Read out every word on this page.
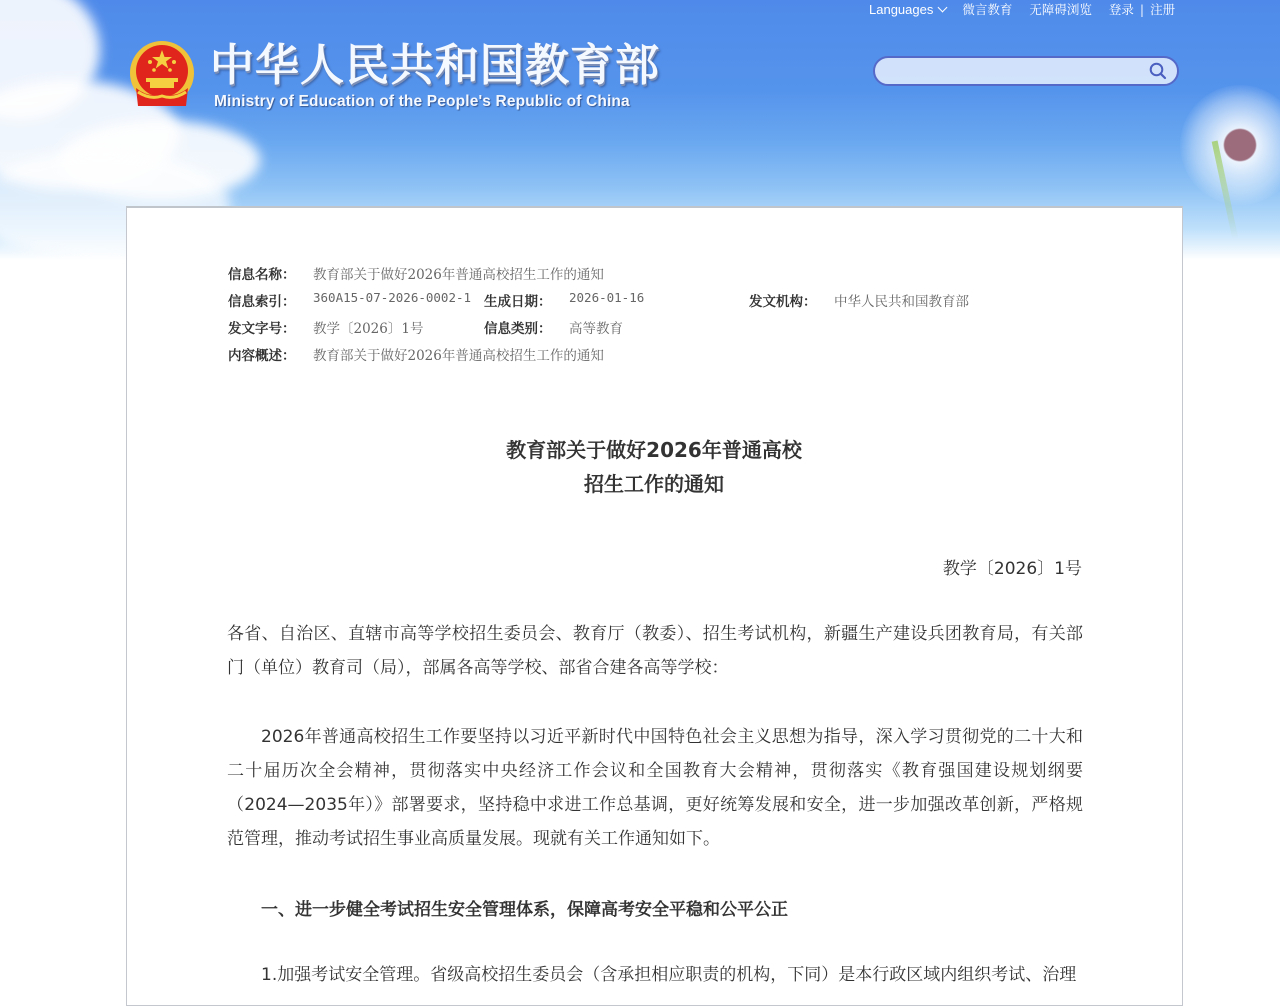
Languages 微言教育 无障碍浏览 登录 | 注册
中华人民共和国教育部
Ministry of Education of the People's Republic of China
信息名称： 教育部关于做好2026年普通高校招生工作的通知
信息索引： 360A15-07-2026-0002-1 生成日期： 2026-01-16	发文机构： 中华人民共和国教育部
发文字号： 教学〔2026〕1号	信息类别： 高等教育
内容概述： 教育部关于做好2026年普通高校招生工作的通知
教育部关于做好2026年普通高校
招生工作的通知
教学〔2026〕1号
各省、自治区、直辖市高等学校招生委员会、教育厅（教委）、招生考试机构，新疆生产建设兵团教育局，有关部门（单位）教育司（局），部属各高等学校、部省合建各高等学校：
2026年普通高校招生工作要坚持以习近平新时代中国特色社会主义思想为指导，深入学习贯彻党的二十大和二十届历次全会精神，贯彻落实中央经济工作会议和全国教育大会精神，贯彻落实《教育强国建设规划纲要（2024—2035年）》部署要求，坚持稳中求进工作总基调，更好统筹发展和安全，进一步加强改革创新，严格规范管理，推动考试招生事业高质量发展。现就有关工作通知如下。
一、进一步健全考试招生安全管理体系，保障高考安全平稳和公平公正
1.加强考试安全管理。省级高校招生委员会（含承担相应职责的机构，下同）是本行政区域内组织考试、治理
